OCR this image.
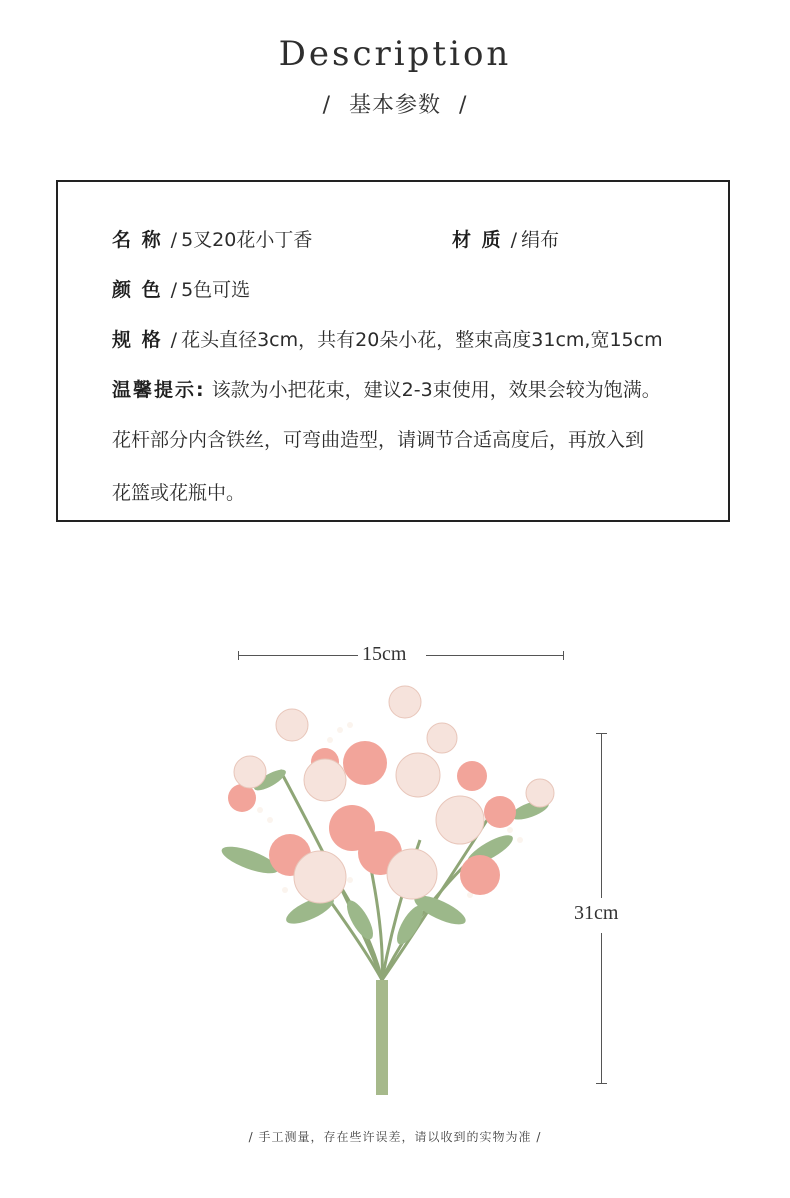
Description
/ 基本参数 /
名 称 / 5叉20花小丁香	材 质 / 绢布
颜 色 / 5色可选
规 格 / 花头直径3cm，共有20朵小花，整束高度31cm,宽15cm
温馨提示: 该款为小把花束，建议2-3束使用，效果会较为饱满。
花杆部分内含铁丝，可弯曲造型，请调节合适高度后，再放入到
花篮或花瓶中。
15cm
31cm
/ 手工测量，存在些许误差，请以收到的实物为准 /
